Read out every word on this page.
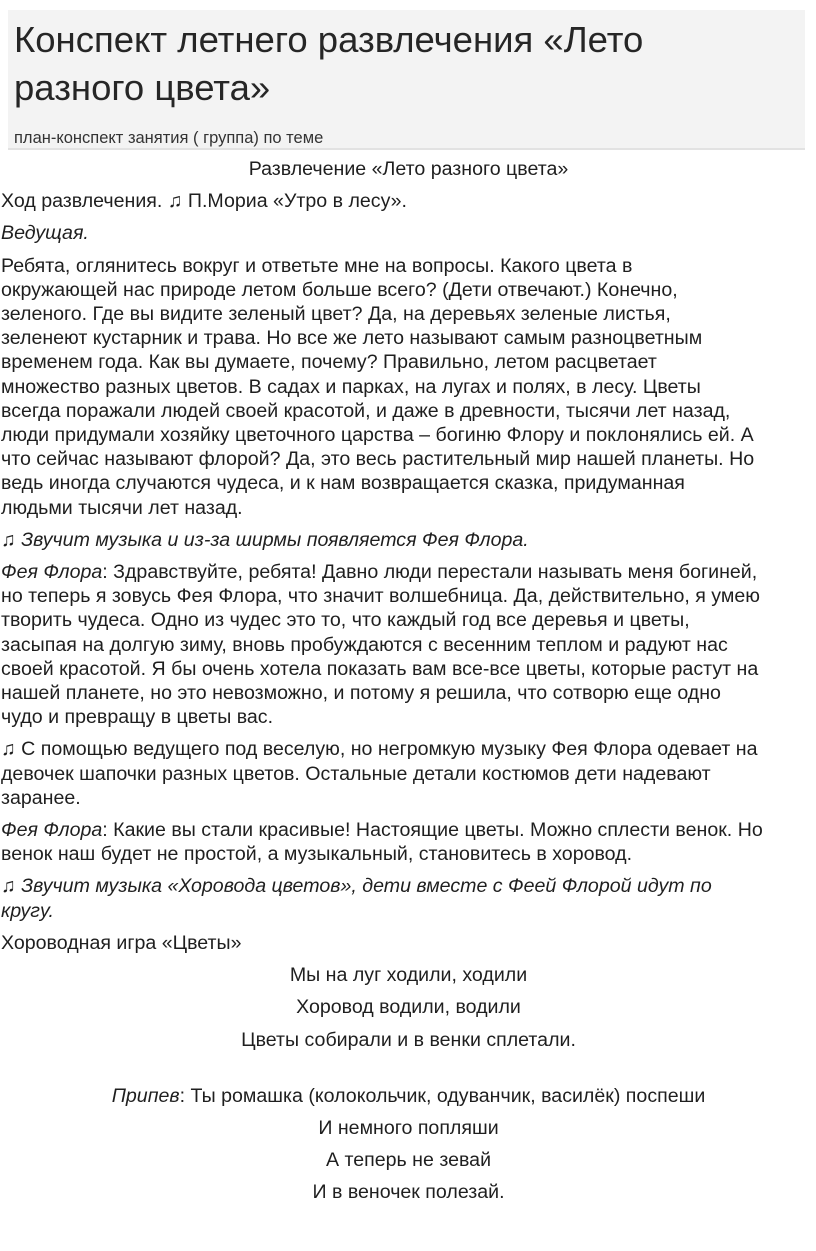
Конспект летнего развлечения «Лето
разного цвета»
план-конспект занятия ( группа) по теме

Развлечение «Лето разного цвета»

Ход развлечения. ♫ П.Мориа «Утро в лесу».

Ведущая.

Ребята, оглянитесь вокруг и ответьте мне на вопросы. Какого цвета в
окружающей нас природе летом больше всего? (Дети отвечают.) Конечно,
зеленого. Где вы видите зеленый цвет? Да, на деревьях зеленые листья,
зеленеют кустарник и трава. Но все же лето называют самым разноцветным
временем года. Как вы думаете, почему? Правильно, летом расцветает
множество разных цветов. В садах и парках, на лугах и полях, в лесу. Цветы
всегда поражали людей своей красотой, и даже в древности, тысячи лет назад,
люди придумали хозяйку цветочного царства – богиню Флору и поклонялись ей. А
что сейчас называют флорой? Да, это весь растительный мир нашей планеты. Но
ведь иногда случаются чудеса, и к нам возвращается сказка, придуманная
людьми тысячи лет назад.

♫ Звучит музыка и из-за ширмы появляется Фея Флора.

Фея Флора: Здравствуйте, ребята! Давно люди перестали называть меня богиней,
но теперь я зовусь Фея Флора, что значит волшебница. Да, действительно, я умею
творить чудеса. Одно из чудес это то, что каждый год все деревья и цветы,
засыпая на долгую зиму, вновь пробуждаются с весенним теплом и радуют нас
своей красотой. Я бы очень хотела показать вам все-все цветы, которые растут на
нашей планете, но это невозможно, и потому я решила, что сотворю еще одно
чудо и превращу в цветы вас.

♫ С помощью ведущего под веселую, но негромкую музыку Фея Флора одевает на
девочек шапочки разных цветов. Остальные детали костюмов дети надевают
заранее.

Фея Флора: Какие вы стали красивые! Настоящие цветы. Можно сплести венок. Но
венок наш будет не простой, а музыкальный, становитесь в хоровод.

♫ Звучит музыка «Хоровода цветов», дети вместе с Феей Флорой идут по
кругу.

Хороводная игра «Цветы»

Мы на луг ходили, ходили

Хоровод водили, водили

Цветы собирали и в венки сплетали.

Припев: Ты ромашка (колокольчик, одуванчик, василёк) поспеши

И немного попляши

А теперь не зевай

И в веночек полезай.
